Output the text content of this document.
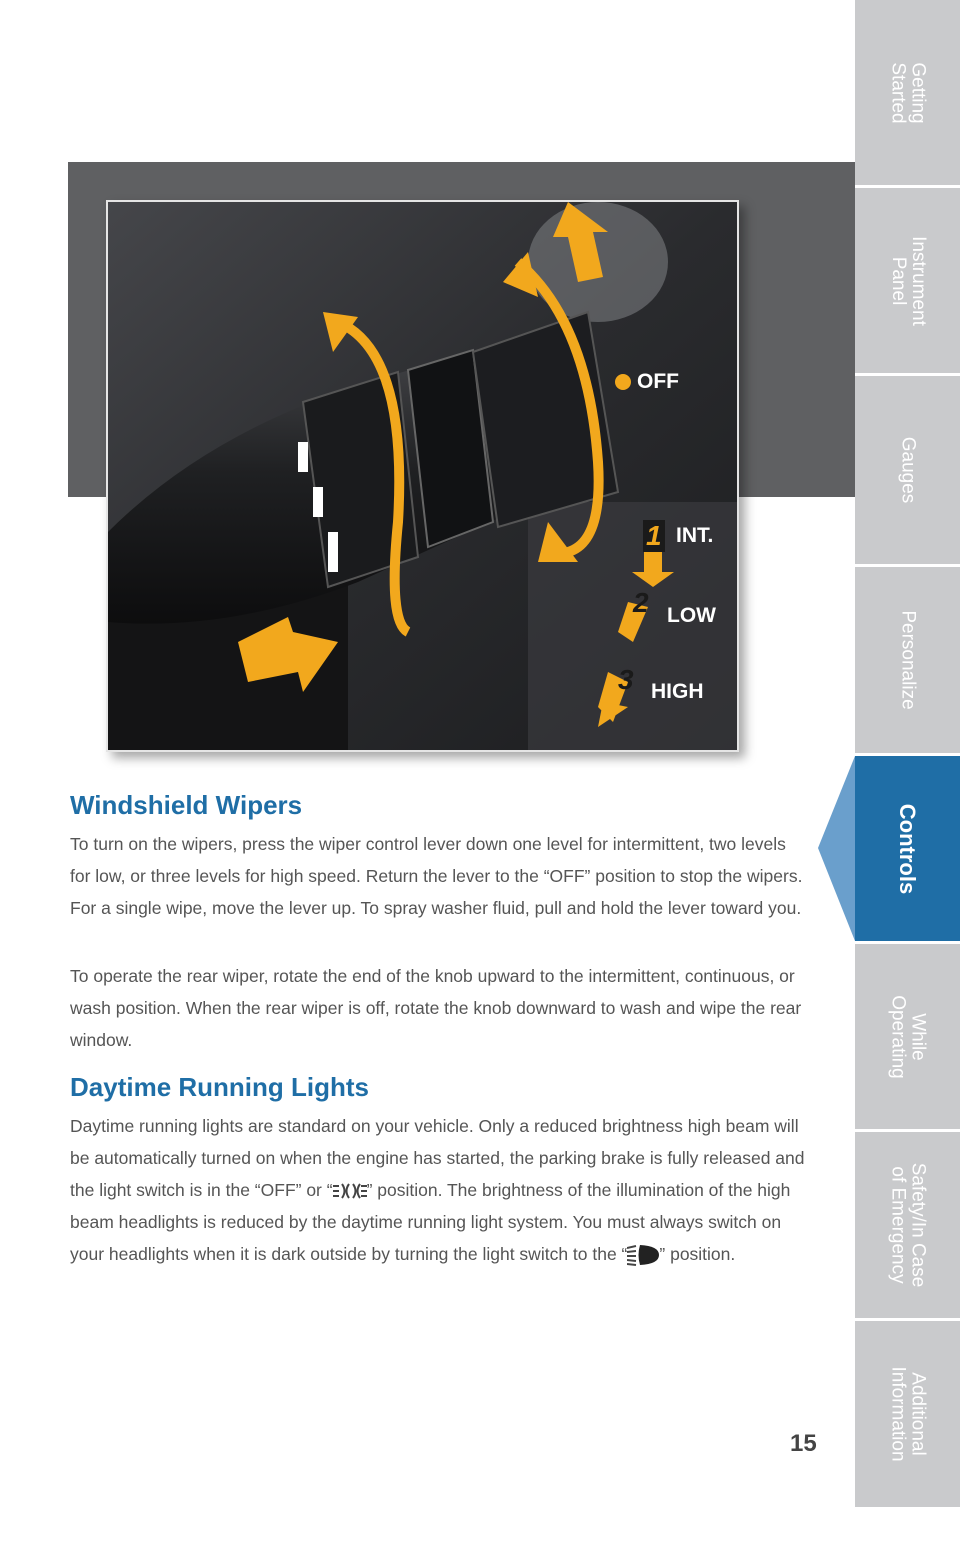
Getting
Started
Instrument
Panel
Gauges
Personalize
Controls
While
Operating
Safety/In Case
of Emergency
Additional
Information
OFF
INT.
LOW
HIGH
1
2
3
Windshield Wipers

To turn on the wipers, press the wiper control lever down one level for intermittent, two levels for low, or three levels for high speed. Return the lever to the “OFF” position to stop the wipers. For a single wipe, move the lever up. To spray washer fluid, pull and hold the lever toward you.

To operate the rear wiper, rotate the end of the knob upward to the intermittent, continuous, or wash position. When the rear wiper is off, rotate the knob downward to wash and wipe the rear window.

Daytime Running Lights

Daytime running lights are standard on your vehicle. Only a reduced brightness high beam will be automatically turned on when the engine has started, the parking brake is fully released and the light switch is in the “OFF” or “ ” position. The brightness of the illumination of the high beam headlights is reduced by the daytime running light system. You must always switch on your headlights when it is dark outside by turning the light switch to the “ ” position.

15
